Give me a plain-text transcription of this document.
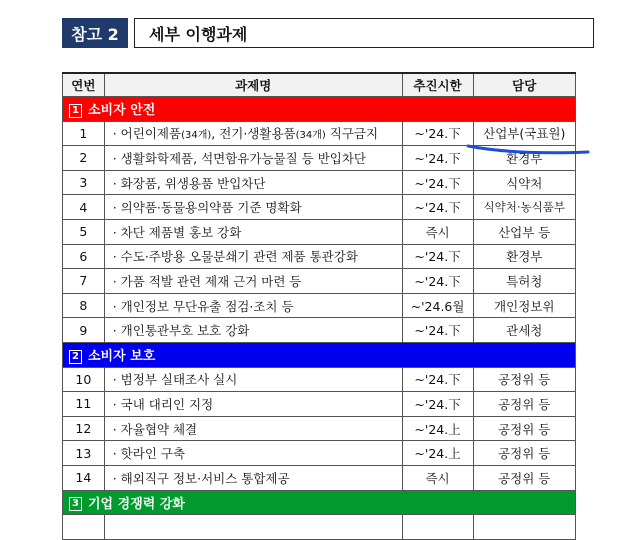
참고 2	세부 이행과제
연번	과제명	추진시한	담당
1 소비자 안전			
1	· 어린이제품(34개), 전기·생활용품(34개) 직구금지	~'24.下	산업부(국표원)
2	· 생활화학제품, 석면함유가능물질 등 반입차단	~'24.下	환경부
3	· 화장품, 위생용품 반입차단	~'24.下	식약처
4	· 의약품·동물용의약품 기준 명확화	~'24.下	식약처·농식품부
5	· 차단 제품별 홍보 강화	즉시	산업부 등
6	· 수도·주방용 오물분쇄기 관련 제품 통관강화	~'24.下	환경부
7	· 가품 적발 관련 제재 근거 마련 등	~'24.下	특허청
8	· 개인정보 무단유출 점검·조치 등	~'24.6월	개인정보위
9	· 개인통관부호 보호 강화	~'24.下	관세청
2 소비자 보호			
10	· 범정부 실태조사 실시	~'24.下	공정위 등
11	· 국내 대리인 지정	~'24.下	공정위 등
12	· 자율협약 체결	~'24.上	공정위 등
13	· 핫라인 구축	~'24.上	공정위 등
14	· 해외직구 정보·서비스 통합제공	즉시	공정위 등
3 기업 경쟁력 강화			
